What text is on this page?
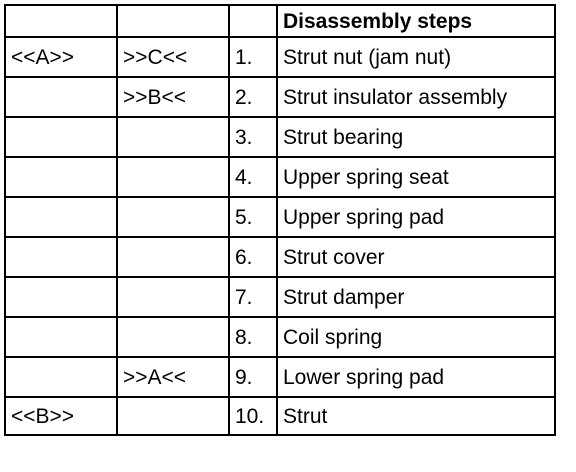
			Disassembly steps
<<A>>	>>C<<	1.	Strut nut (jam nut)
	>>B<<	2.	Strut insulator assembly
		3.	Strut bearing
		4.	Upper spring seat
		5.	Upper spring pad
		6.	Strut cover
		7.	Strut damper
		8.	Coil spring
	>>A<<	9.	Lower spring pad
<<B>>		10.	Strut
